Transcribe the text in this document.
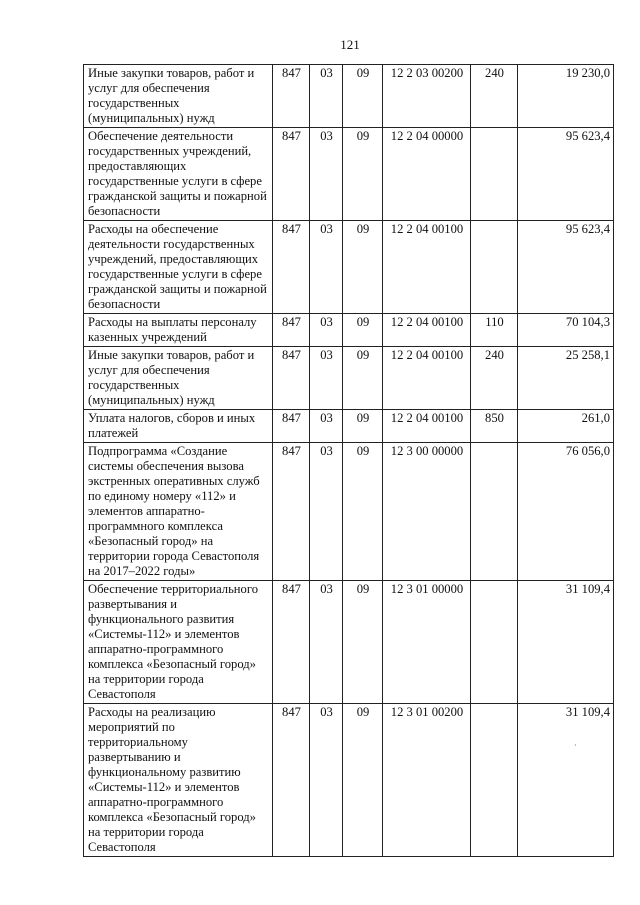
121
Иные закупки товаров, работ и услуг для обеспечения государственных (муниципальных) нужд	847	03	09	12 2 03 00200	240	19 230,0
Обеспечение деятельности государственных учреждений, предоставляющих государственные услуги в сфере гражданской защиты и пожарной безопасности	847	03	09	12 2 04 00000		95 623,4
Расходы на обеспечение деятельности государственных учреждений, предоставляющих государственные услуги в сфере гражданской защиты и пожарной безопасности	847	03	09	12 2 04 00100		95 623,4
Расходы на выплаты персоналу казенных учреждений	847	03	09	12 2 04 00100	110	70 104,3
Иные закупки товаров, работ и услуг для обеспечения государственных (муниципальных) нужд	847	03	09	12 2 04 00100	240	25 258,1
Уплата налогов, сборов и иных платежей	847	03	09	12 2 04 00100	850	261,0
Подпрограмма «Создание системы обеспечения вызова экстренных оперативных служб по единому номеру «112» и элементов аппаратно-программного комплекса «Безопасный город» на территории города Севастополя на 2017–2022 годы»	847	03	09	12 3 00 00000		76 056,0
Обеспечение территориального развертывания и функционального развития «Системы-112» и элементов аппаратно-программного комплекса «Безопасный город» на территории города Севастополя	847	03	09	12 3 01 00000		31 109,4
Расходы на реализацию мероприятий по территориальному развертыванию и функциональному развитию «Системы-112» и элементов аппаратно-программного комплекса «Безопасный город» на территории города Севастополя	847	03	09	12 3 01 00200		31 109,4
·
